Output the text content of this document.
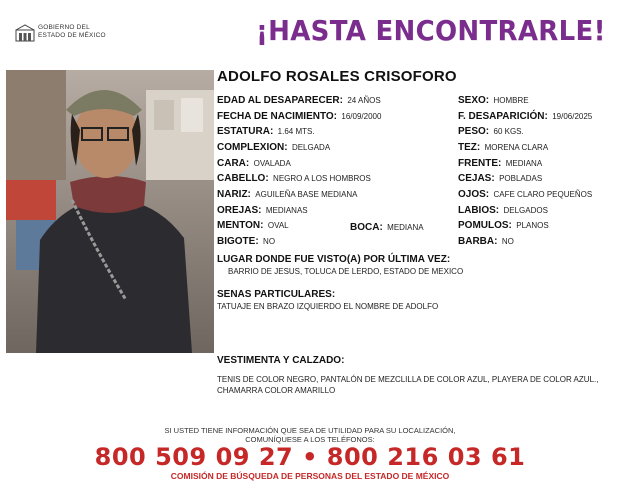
GOBIERNO DEL
ESTADO DE MÉXICO	¡HASTA ENCONTRARLE!
ADOLFO ROSALES CRISOFORO
EDAD AL DESAPARECER: 24 AÑOS
FECHA DE NACIMIENTO: 16/09/2000
ESTATURA: 1.64 MTS.
COMPLEXION: DELGADA
CARA: OVALADA
CABELLO: NEGRO A LOS HOMBROS
NARIZ: AGUILEÑA BASE MEDIANA
OREJAS: MEDIANAS
MENTON: OVAL	BOCA: MEDIANA
BIGOTE: NO
SEXO: HOMBRE
F. DESAPARICIÓN: 19/06/2025
PESO: 60 KGS.
TEZ: MORENA CLARA
FRENTE: MEDIANA
CEJAS: POBLADAS
OJOS: CAFE CLARO PEQUEÑOS
LABIOS: DELGADOS
POMULOS: PLANOS
BARBA: NO
LUGAR DONDE FUE VISTO(A) POR ÚLTIMA VEZ:
BARRIO DE JESUS, TOLUCA DE LERDO, ESTADO DE MEXICO
SENAS PARTICULARES:
TATUAJE EN BRAZO IZQUIERDO EL NOMBRE DE ADOLFO
VESTIMENTA Y CALZADO:
TENIS DE COLOR NEGRO, PANTALÓN DE MEZCLILLA DE COLOR AZUL, PLAYERA DE COLOR AZUL., CHAMARRA COLOR AMARILLO
SI USTED TIENE INFORMACIÓN QUE SEA DE UTILIDAD PARA SU LOCALIZACIÓN,
COMUNÍQUESE A LOS TELÉFONOS:
800 509 09 27 • 800 216 03 61
COMISIÓN DE BÚSQUEDA DE PERSONAS DEL ESTADO DE MÉXICO
